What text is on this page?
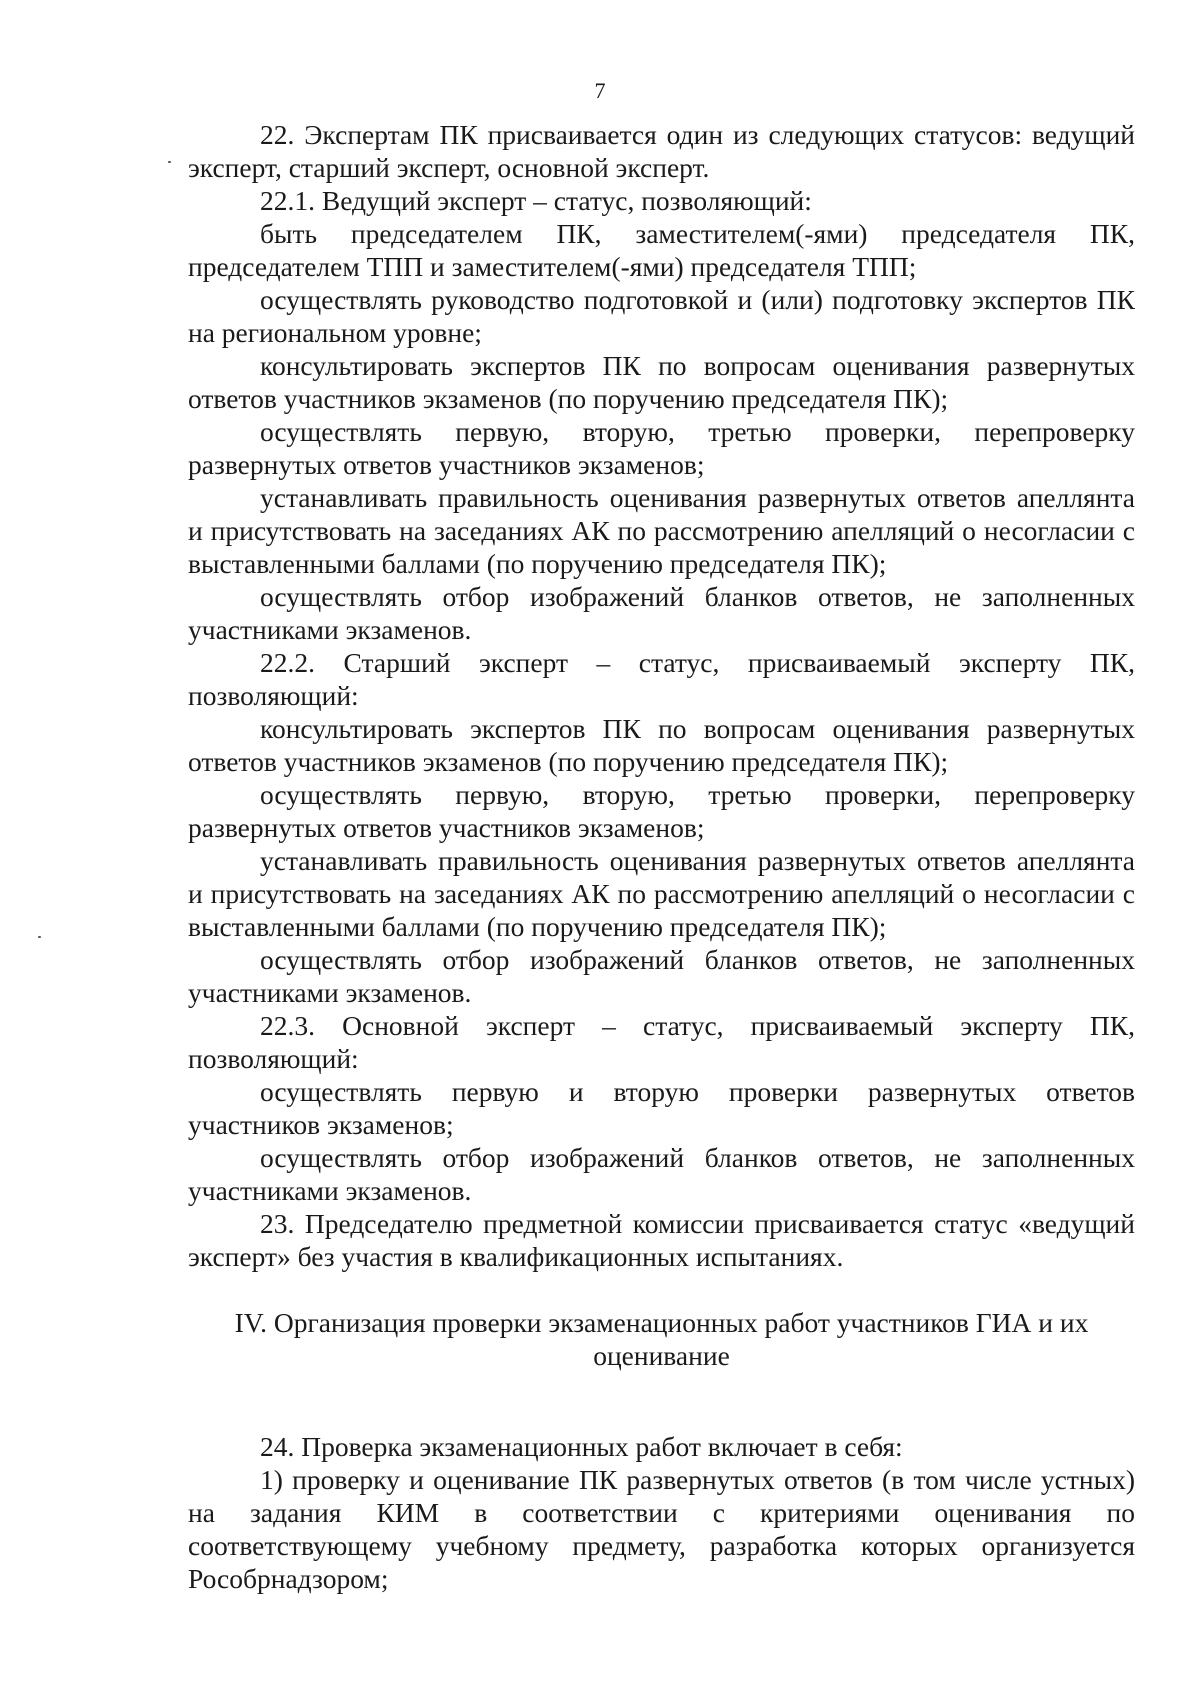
7

22. Экспертам ПК присваивается один из следующих статусов: ведущий эксперт, старший эксперт, основной эксперт.

22.1. Ведущий эксперт – статус, позволяющий:

быть председателем ПК, заместителем(-ями) председателя ПК, председателем ТПП и заместителем(-ями) председателя ТПП;

осуществлять руководство подготовкой и (или) подготовку экспертов ПК на региональном уровне;

консультировать экспертов ПК по вопросам оценивания развернутых ответов участников экзаменов (по поручению председателя ПК);

осуществлять первую, вторую, третью проверки, перепроверку развернутых ответов участников экзаменов;

устанавливать правильность оценивания развернутых ответов апеллянта и присутствовать на заседаниях АК по рассмотрению апелляций о несогласии с выставленными баллами (по поручению председателя ПК);

осуществлять отбор изображений бланков ответов, не заполненных участниками экзаменов.

22.2. Старший эксперт – статус, присваиваемый эксперту ПК, позволяющий:

консультировать экспертов ПК по вопросам оценивания развернутых ответов участников экзаменов (по поручению председателя ПК);

осуществлять первую, вторую, третью проверки, перепроверку развернутых ответов участников экзаменов;

устанавливать правильность оценивания развернутых ответов апеллянта и присутствовать на заседаниях АК по рассмотрению апелляций о несогласии с выставленными баллами (по поручению председателя ПК);

осуществлять отбор изображений бланков ответов, не заполненных участниками экзаменов.

22.3. Основной эксперт – статус, присваиваемый эксперту ПК, позволяющий:

осуществлять первую и вторую проверки развернутых ответов участников экзаменов;

осуществлять отбор изображений бланков ответов, не заполненных участниками экзаменов.

23. Председателю предметной комиссии присваивается статус «ведущий эксперт» без участия в квалификационных испытаниях.

IV. Организация проверки экзаменационных работ участников ГИА и их оценивание

24. Проверка экзаменационных работ включает в себя:

1) проверку и оценивание ПК развернутых ответов (в том числе устных) на задания КИМ в соответствии с критериями оценивания по соответствующему учебному предмету, разработка которых организуется Рособрнадзором;
